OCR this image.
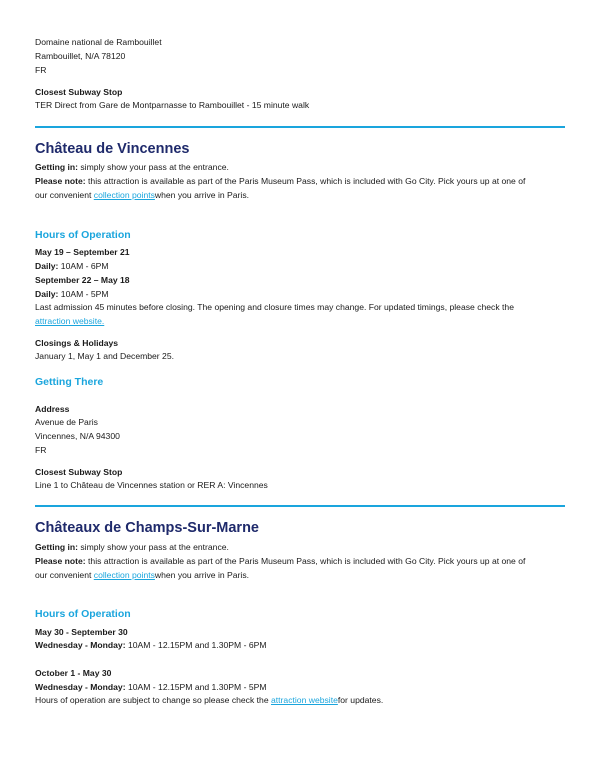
Domaine national de Rambouillet
Rambouillet, N/A 78120
FR
Closest Subway Stop
TER Direct from Gare de Montparnasse to Rambouillet - 15 minute walk
Château de Vincennes
Getting in: simply show your pass at the entrance.
Please note: this attraction is available as part of the Paris Museum Pass, which is included with Go City. Pick yours up at one of
our convenient collection pointswhen you arrive in Paris.
Hours of Operation
May 19 – September 21
Daily: 10AM - 6PM
September 22 – May 18
Daily: 10AM - 5PM
Last admission 45 minutes before closing. The opening and closure times may change. For updated timings, please check the
attraction website.
Closings & Holidays
January 1, May 1 and December 25.
Getting There
Address
Avenue de Paris
Vincennes, N/A 94300
FR
Closest Subway Stop
Line 1 to Château de Vincennes station or RER A: Vincennes
Châteaux de Champs-Sur-Marne
Getting in: simply show your pass at the entrance.
Please note: this attraction is available as part of the Paris Museum Pass, which is included with Go City. Pick yours up at one of
our convenient collection pointswhen you arrive in Paris.
Hours of Operation
May 30 - September 30
Wednesday - Monday: 10AM - 12.15PM and 1.30PM - 6PM
October 1 - May 30
Wednesday - Monday: 10AM - 12.15PM and 1.30PM - 5PM
Hours of operation are subject to change so please check the attraction websitefor updates.
